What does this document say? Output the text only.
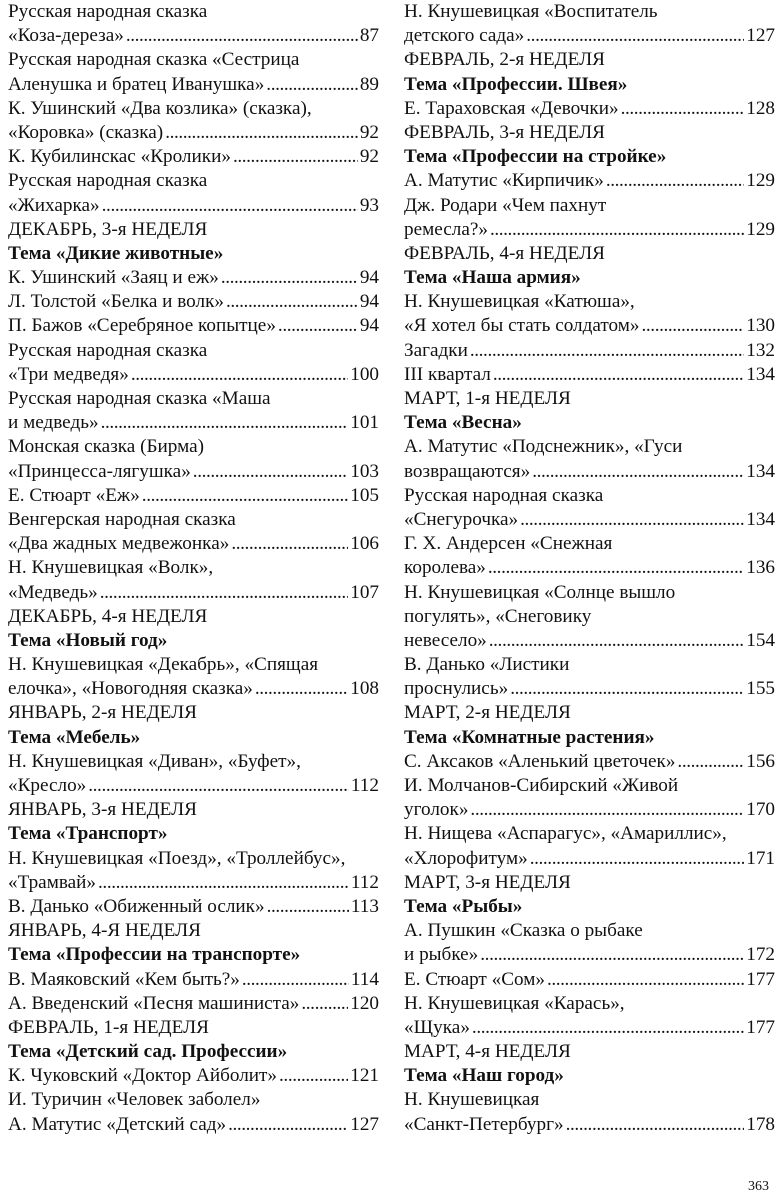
Русская народная сказка
«Коза-дереза» . . .	87
Русская народная сказка «Сестрица
Аленушка и братец Иванушка» . . .	89
К. Ушинский «Два козлика» (сказка),
«Коровка» (сказка) . . .	92
К. Кубилинскас «Кролики» . . .	92
Русская народная сказка
«Жихарка» . . .	93
ДЕКАБРЬ, 3-я НЕДЕЛЯ
Тема «Дикие животные»
К. Ушинский «Заяц и еж» . . .	94
Л. Толстой «Белка и волк» . . .	94
П. Бажов «Серебряное копытце» . . .	94
Русская народная сказка
«Три медведя» . . .	100
Русская народная сказка «Маша
и медведь» . . .	101
Монская сказка (Бирма)
«Принцесса-лягушка» . . .	103
Е. Стюарт «Еж» . . .	105
Венгерская народная сказка
«Два жадных медвежонка» . . .	106
Н. Кнушевицкая «Волк»,
«Медведь» . . .	107
ДЕКАБРЬ, 4-я НЕДЕЛЯ
Тема «Новый год»
Н. Кнушевицкая «Декабрь», «Спящая
елочка», «Новогодняя сказка» . . .	108
ЯНВАРЬ, 2-я НЕДЕЛЯ
Тема «Мебель»
Н. Кнушевицкая «Диван», «Буфет»,
«Кресло» . . .	112
ЯНВАРЬ, 3-я НЕДЕЛЯ
Тема «Транспорт»
Н. Кнушевицкая «Поезд», «Троллейбус»,
«Трамвай» . . .	112
В. Данько «Обиженный ослик» . . .	113
ЯНВАРЬ, 4-Я НЕДЕЛЯ
Тема «Профессии на транспорте»
В. Маяковский «Кем быть?» . . .	114
А. Введенский «Песня машиниста» . . .	120
ФЕВРАЛЬ, 1-я НЕДЕЛЯ
Тема «Детский сад. Профессии»
К. Чуковский «Доктор Айболит» . . .	121
И. Туричин «Человек заболел»
А. Матутис «Детский сад» . . .	127
Н. Кнушевицкая «Воспитатель
детского сада» . . .	127
ФЕВРАЛЬ, 2-я НЕДЕЛЯ
Тема «Профессии. Швея»
Е. Тараховская «Девочки» . . .	128
ФЕВРАЛЬ, 3-я НЕДЕЛЯ
Тема «Профессии на стройке»
А. Матутис «Кирпичик» . . .	129
Дж. Родари «Чем пахнут
ремесла?» . . .	129
ФЕВРАЛЬ, 4-я НЕДЕЛЯ
Тема «Наша армия»
Н. Кнушевицкая «Катюша»,
«Я хотел бы стать солдатом» . . .	130
Загадки . . .	132
III квартал . . .	134
МАРТ, 1-я НЕДЕЛЯ
Тема «Весна»
А. Матутис «Подснежник», «Гуси
возвращаются» . . .	134
Русская народная сказка
«Снегурочка» . . .	134
Г. Х. Андерсен «Снежная
королева» . . .	136
Н. Кнушевицкая «Солнце вышло
погулять», «Снеговику
невесело» . . .	154
В. Данько «Листики
проснулись» . . .	155
МАРТ, 2-я НЕДЕЛЯ
Тема «Комнатные растения»
С. Аксаков «Аленький цветочек» . . .	156
И. Молчанов-Сибирский «Живой
уголок» . . .	170
Н. Нищева «Аспарагус», «Амариллис»,
«Хлорофитум» . . .	171
МАРТ, 3-я НЕДЕЛЯ
Тема «Рыбы»
А. Пушкин «Сказка о рыбаке
и рыбке» . . .	172
Е. Стюарт «Сом» . . .	177
Н. Кнушевицкая «Карась»,
«Щука» . . .	177
МАРТ, 4-я НЕДЕЛЯ
Тема «Наш город»
Н. Кнушевицкая
«Санкт-Петербург» . . .	178
363
